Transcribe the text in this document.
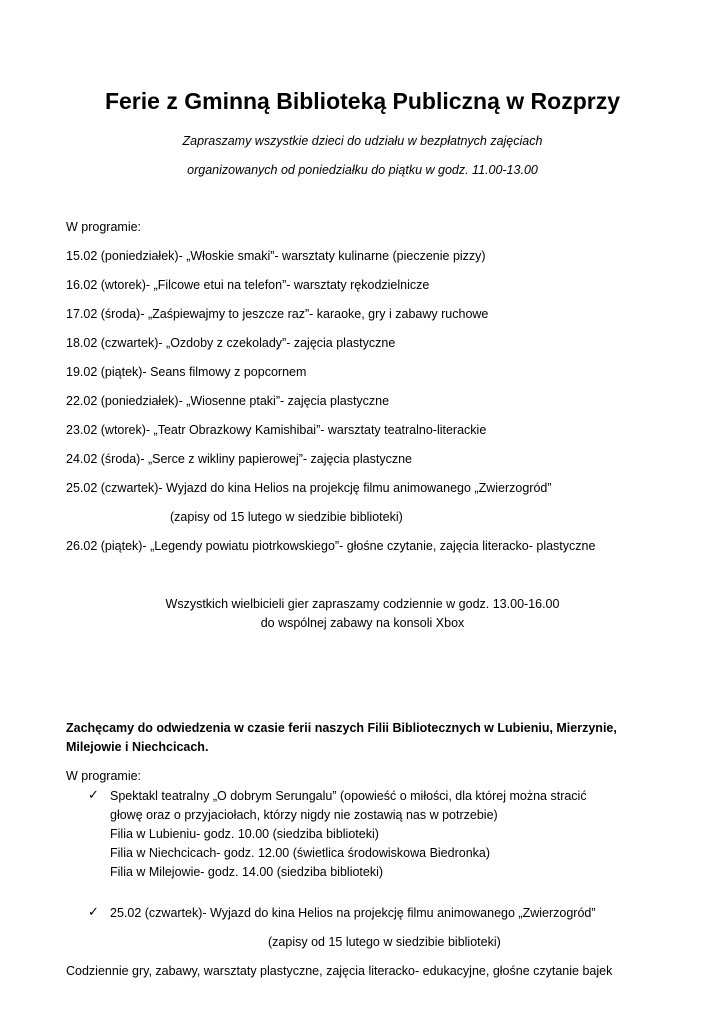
Ferie z Gminną Biblioteką Publiczną w Rozprzy
Zapraszamy wszystkie dzieci do udziału w bezpłatnych zajęciach
organizowanych od poniedziałku do piątku w godz. 11.00-13.00
W programie:
15.02 (poniedziałek)- „Włoskie smaki”- warsztaty kulinarne (pieczenie pizzy)
16.02 (wtorek)- „Filcowe etui na telefon”- warsztaty rękodzielnicze
17.02 (środa)- „Zaśpiewajmy to jeszcze raz”- karaoke, gry i zabawy ruchowe
18.02 (czwartek)- „Ozdoby z czekolady”- zajęcia plastyczne
19.02 (piątek)- Seans filmowy z popcornem
22.02 (poniedziałek)- „Wiosenne ptaki”- zajęcia plastyczne
23.02 (wtorek)- „Teatr Obrazkowy Kamishibai”- warsztaty teatralno-literackie
24.02 (środa)- „Serce z wikliny papierowej”- zajęcia plastyczne
25.02 (czwartek)- Wyjazd do kina Helios na projekcję filmu animowanego „Zwierzogród”
(zapisy od 15 lutego w siedzibie biblioteki)
26.02 (piątek)- „Legendy powiatu piotrkowskiego”- głośne czytanie, zajęcia literacko- plastyczne
Wszystkich wielbicieli gier zapraszamy codziennie w godz. 13.00-16.00
do wspólnej zabawy na konsoli Xbox
Zachęcamy do odwiedzenia w czasie ferii naszych Filii Bibliotecznych w Lubieniu, Mierzynie,
Milejowie i Niechcicach.
W programie:
✓ Spektakl teatralny „O dobrym Serungalu” (opowieść o miłości, dla której można stracić
głowę oraz o przyjaciołach, którzy nigdy nie zostawią nas w potrzebie)
Filia w Lubieniu- godz. 10.00 (siedziba biblioteki)
Filia w Niechcicach- godz. 12.00 (świetlica środowiskowa Biedronka)
Filia w Milejowie- godz. 14.00 (siedziba biblioteki)
✓ 25.02 (czwartek)- Wyjazd do kina Helios na projekcję filmu animowanego „Zwierzogród”
(zapisy od 15 lutego w siedzibie biblioteki)
Codziennie gry, zabawy, warsztaty plastyczne, zajęcia literacko- edukacyjne, głośne czytanie bajek
